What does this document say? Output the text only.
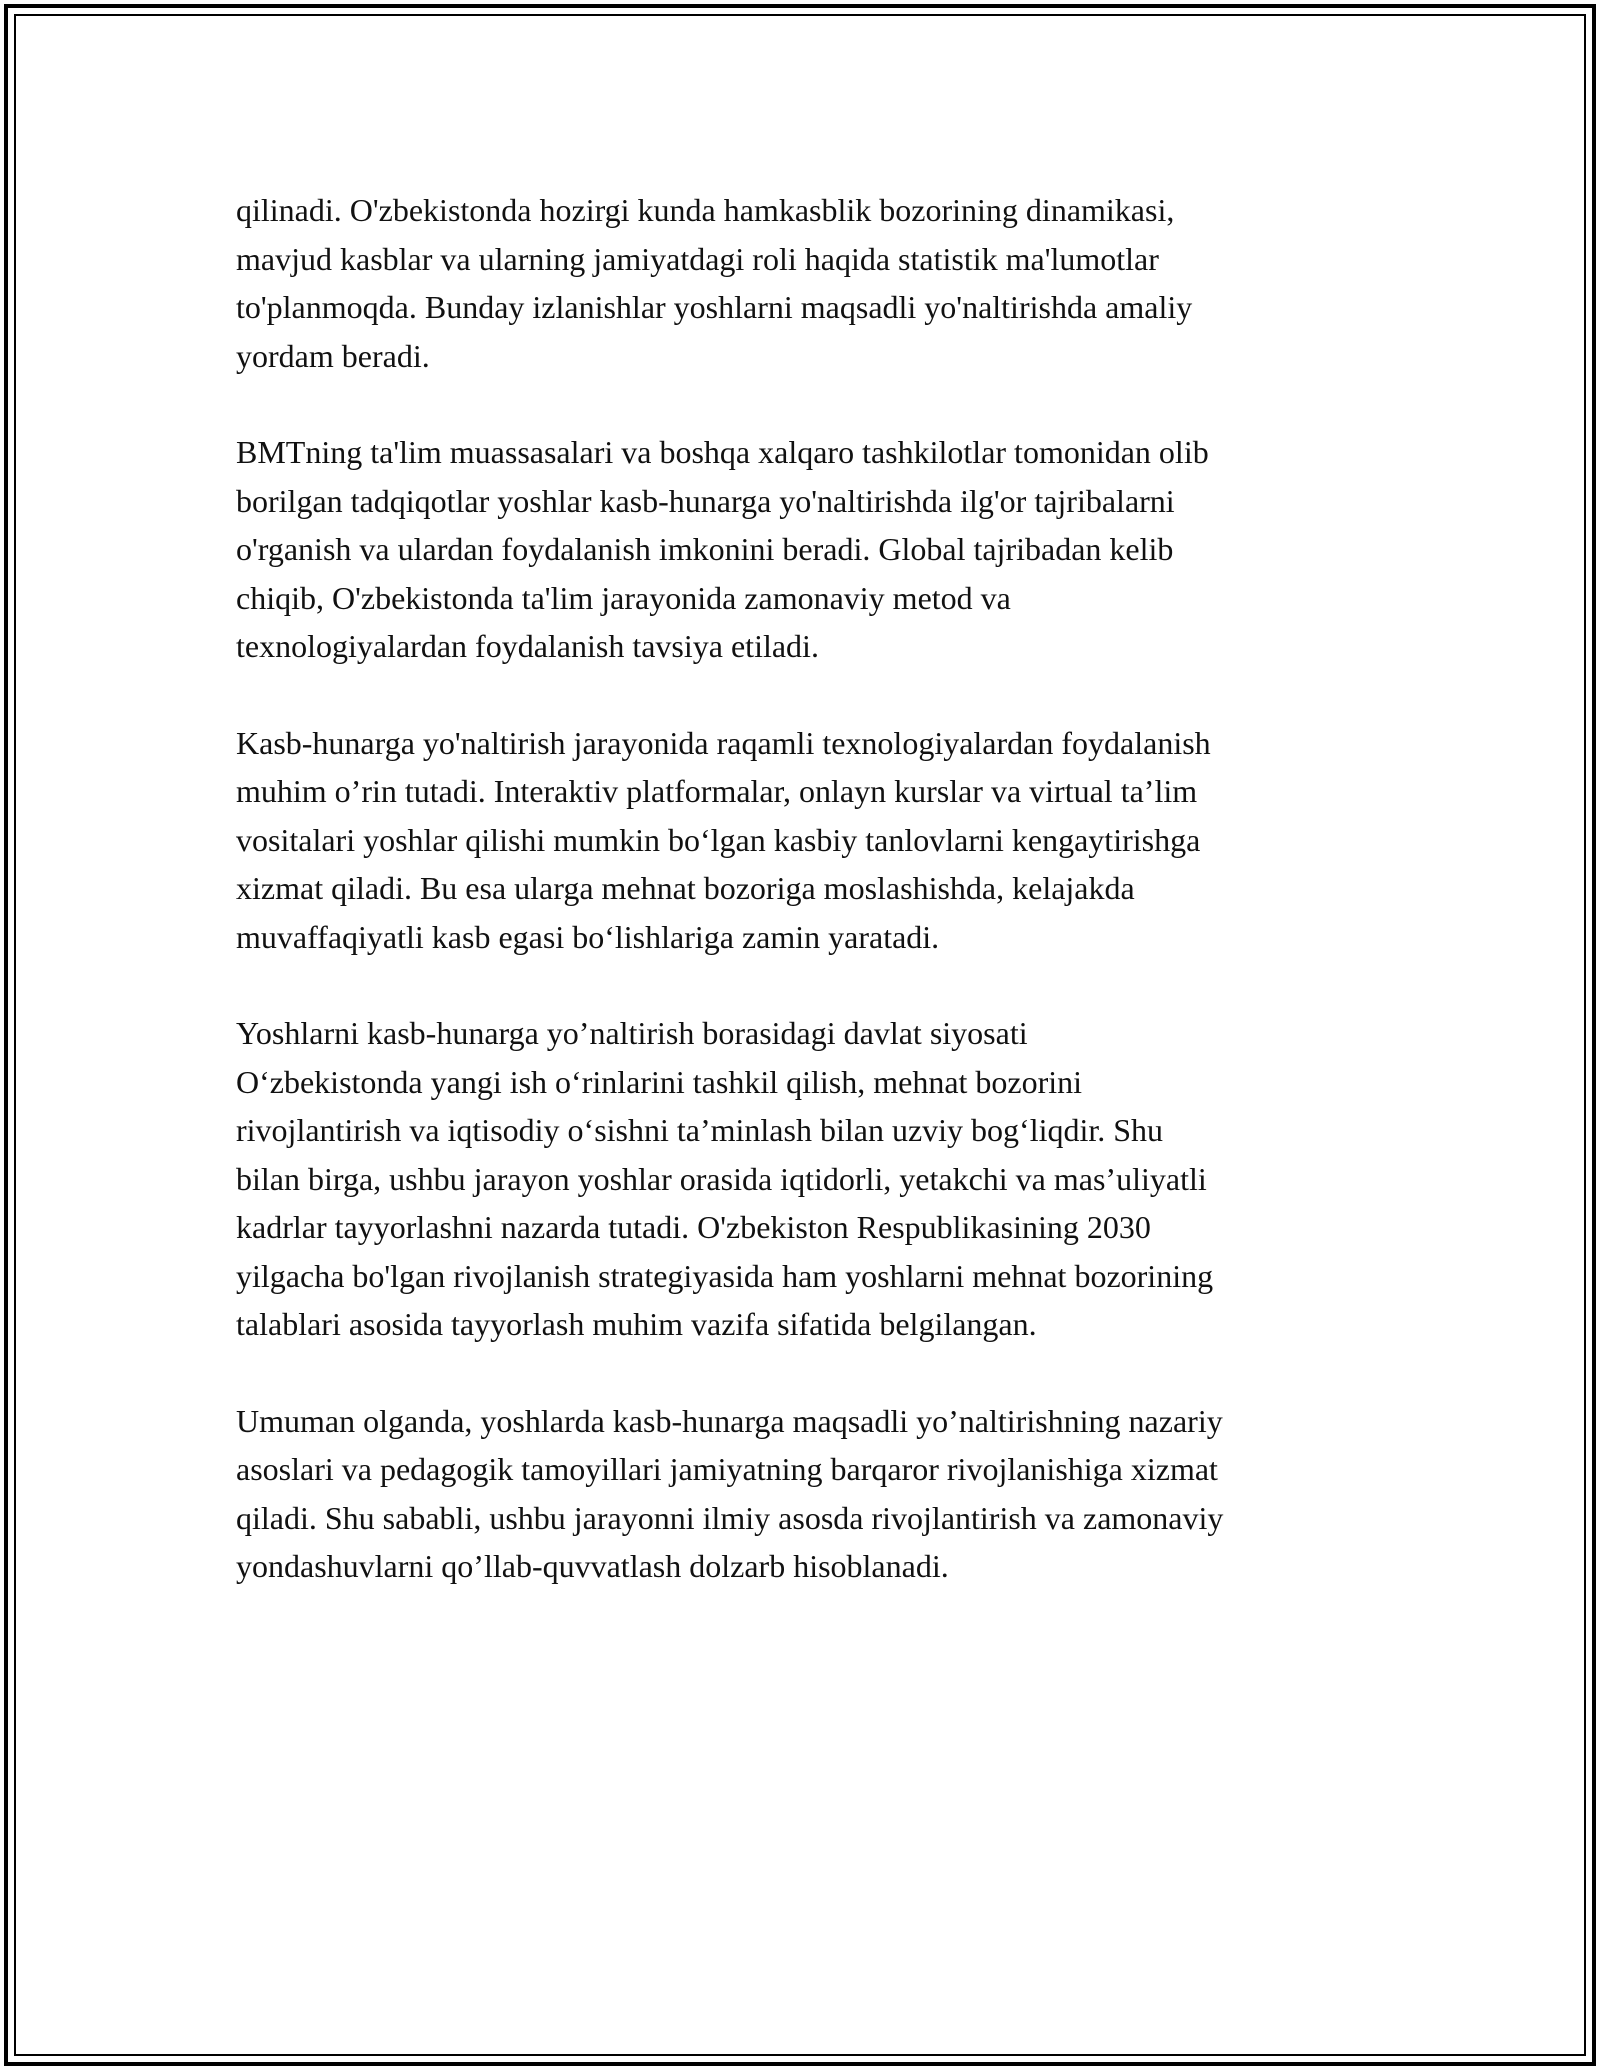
qilinadi. O'zbekistonda hozirgi kunda hamkasblik bozorining dinamikasi,
mavjud kasblar va ularning jamiyatdagi roli haqida statistik ma'lumotlar
to'planmoqda. Bunday izlanishlar yoshlarni maqsadli yo'naltirishda amaliy
yordam beradi.

BMTning ta'lim muassasalari va boshqa xalqaro tashkilotlar tomonidan olib
borilgan tadqiqotlar yoshlar kasb-hunarga yo'naltirishda ilg'or tajribalarni
o'rganish va ulardan foydalanish imkonini beradi. Global tajribadan kelib
chiqib, O'zbekistonda ta'lim jarayonida zamonaviy metod va
texnologiyalardan foydalanish tavsiya etiladi.

Kasb-hunarga yo'naltirish jarayonida raqamli texnologiyalardan foydalanish
muhim o’rin tutadi. Interaktiv platformalar, onlayn kurslar va virtual ta’lim
vositalari yoshlar qilishi mumkin bo‘lgan kasbiy tanlovlarni kengaytirishga
xizmat qiladi. Bu esa ularga mehnat bozoriga moslashishda, kelajakda
muvaffaqiyatli kasb egasi bo‘lishlariga zamin yaratadi.

Yoshlarni kasb-hunarga yo’naltirish borasidagi davlat siyosati
O‘zbekistonda yangi ish o‘rinlarini tashkil qilish, mehnat bozorini
rivojlantirish va iqtisodiy o‘sishni ta’minlash bilan uzviy bog‘liqdir. Shu
bilan birga, ushbu jarayon yoshlar orasida iqtidorli, yetakchi va mas’uliyatli
kadrlar tayyorlashni nazarda tutadi. O'zbekiston Respublikasining 2030
yilgacha bo'lgan rivojlanish strategiyasida ham yoshlarni mehnat bozorining
talablari asosida tayyorlash muhim vazifa sifatida belgilangan.

Umuman olganda, yoshlarda kasb-hunarga maqsadli yo’naltirishning nazariy
asoslari va pedagogik tamoyillari jamiyatning barqaror rivojlanishiga xizmat
qiladi. Shu sababli, ushbu jarayonni ilmiy asosda rivojlantirish va zamonaviy
yondashuvlarni qo’llab-quvvatlash dolzarb hisoblanadi.
